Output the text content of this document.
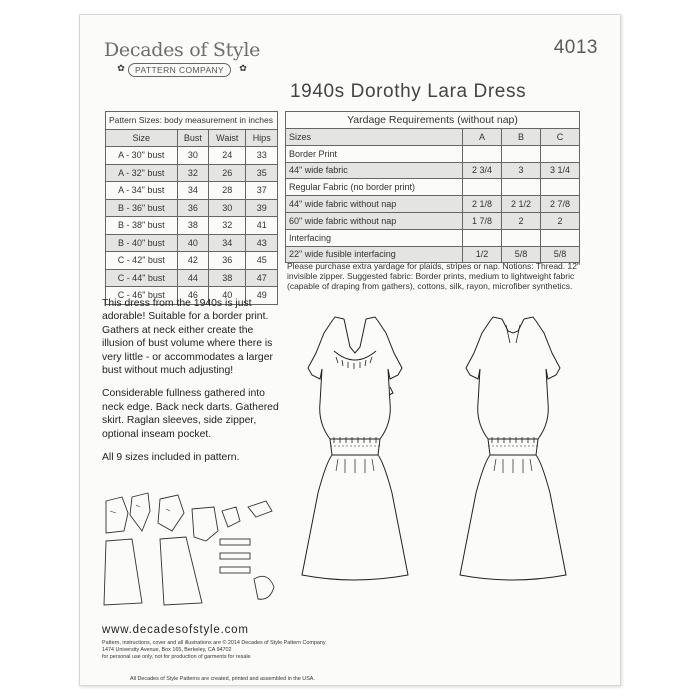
Decades of Style
✿	PATTERN COMPANY	✿
4013
1940s Dorothy Lara Dress
Pattern Sizes: body measurement in inches			
Size	Bust	Waist	Hips
A - 30" bust	30	24	33
A - 32" bust	32	26	35
A - 34" bust	34	28	37
B - 36" bust	36	30	39
B - 38" bust	38	32	41
B - 40" bust	40	34	43
C - 42" bust	42	36	45
C - 44" bust	44	38	47
C - 46" bust	46	40	49
Yardage Requirements (without nap)			
Sizes	A	B	C
Border Print			
44" wide fabric	2 3/4	3	3 1/4
Regular Fabric (no border print)			
44" wide fabric without nap	2 1/8	2 1/2	2 7/8
60" wide fabric without nap	1 7/8	2	2
Interfacing			
22" wide fusible interfacing	1/2	5/8	5/8
Please purchase extra yardage for plaids, stripes or nap. Notions: Thread. 12" invisible zipper. Suggested fabric: Border prints, medium to lightweight fabric (capable of draping from gathers), cottons, silk, rayon, microfiber synthetics.

This dress from the 1940s is just adorable! Suitable for a border print. Gathers at neck either create the illusion of bust volume where there is very little - or accommodates a larger bust without much adjusting!

Considerable fullness gathered into neck edge. Back neck darts. Gathered skirt. Raglan sleeves, side zipper, optional inseam pocket.

All 9 sizes included in pattern.

www.decadesofstyle.com
Pattern, instructions, cover and all illustrations are © 2014 Decades of Style Pattern Company
1474 University Avenue, Box 165, Berkeley, CA 94702
for personal use only, not for production of garments for resale
All Decades of Style Patterns are created, printed and assembled in the USA.
